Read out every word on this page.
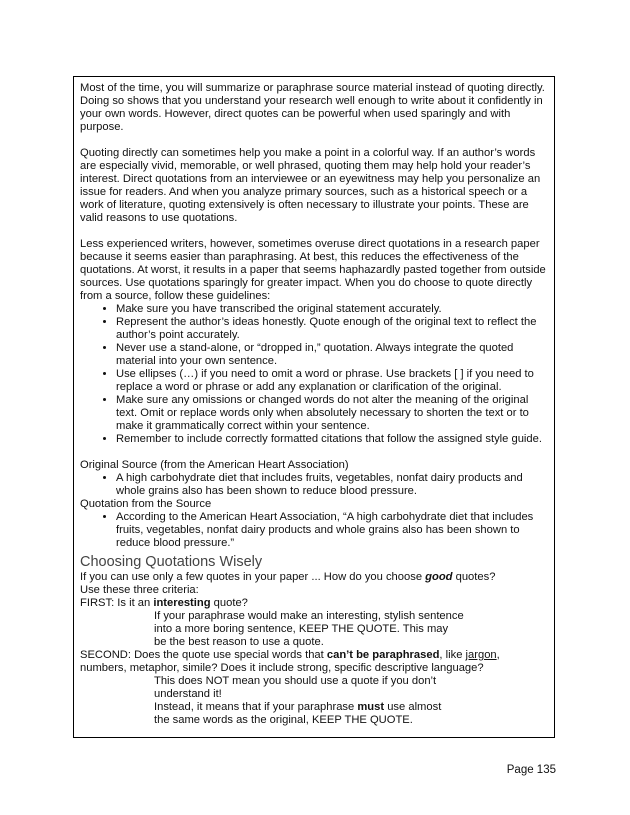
Most of the time, you will summarize or paraphrase source material instead of quoting directly. Doing so shows that you understand your research well enough to write about it confidently in your own words. However, direct quotes can be powerful when used sparingly and with purpose.

Quoting directly can sometimes help you make a point in a colorful way. If an author’s words are especially vivid, memorable, or well phrased, quoting them may help hold your reader’s interest. Direct quotations from an interviewee or an eyewitness may help you personalize an issue for readers. And when you analyze primary sources, such as a historical speech or a work of literature, quoting extensively is often necessary to illustrate your points. These are valid reasons to use quotations.

Less experienced writers, however, sometimes overuse direct quotations in a research paper because it seems easier than paraphrasing. At best, this reduces the effectiveness of the quotations. At worst, it results in a paper that seems haphazardly pasted together from outside sources. Use quotations sparingly for greater impact. When you do choose to quote directly from a source, follow these guidelines:

• Make sure you have transcribed the original statement accurately.
• Represent the author’s ideas honestly. Quote enough of the original text to reflect the author’s point accurately.
• Never use a stand-alone, or “dropped in,” quotation. Always integrate the quoted material into your own sentence.
• Use ellipses (…) if you need to omit a word or phrase. Use brackets [ ] if you need to replace a word or phrase or add any explanation or clarification of the original.
• Make sure any omissions or changed words do not alter the meaning of the original text. Omit or replace words only when absolutely necessary to shorten the text or to make it grammatically correct within your sentence.
• Remember to include correctly formatted citations that follow the assigned style guide.

Original Source (from the American Heart Association)

• A high carbohydrate diet that includes fruits, vegetables, nonfat dairy products and whole grains also has been shown to reduce blood pressure.

Quotation from the Source

• According to the American Heart Association, “A high carbohydrate diet that includes fruits, vegetables, nonfat dairy products and whole grains also has been shown to reduce blood pressure.”

Choosing Quotations Wisely

If you can use only a few quotes in your paper ... How do you choose good quotes?

Use these three criteria:

FIRST: Is it an interesting quote?

If your paraphrase would make an interesting, stylish sentence

into a more boring sentence, KEEP THE QUOTE. This may

be the best reason to use a quote.

SECOND: Does the quote use special words that can’t be paraphrased, like jargon,

numbers, metaphor, simile? Does it include strong, specific descriptive language?

This does NOT mean you should use a quote if you don’t

understand it!

Instead, it means that if your paraphrase must use almost

the same words as the original, KEEP THE QUOTE.

Page 135
